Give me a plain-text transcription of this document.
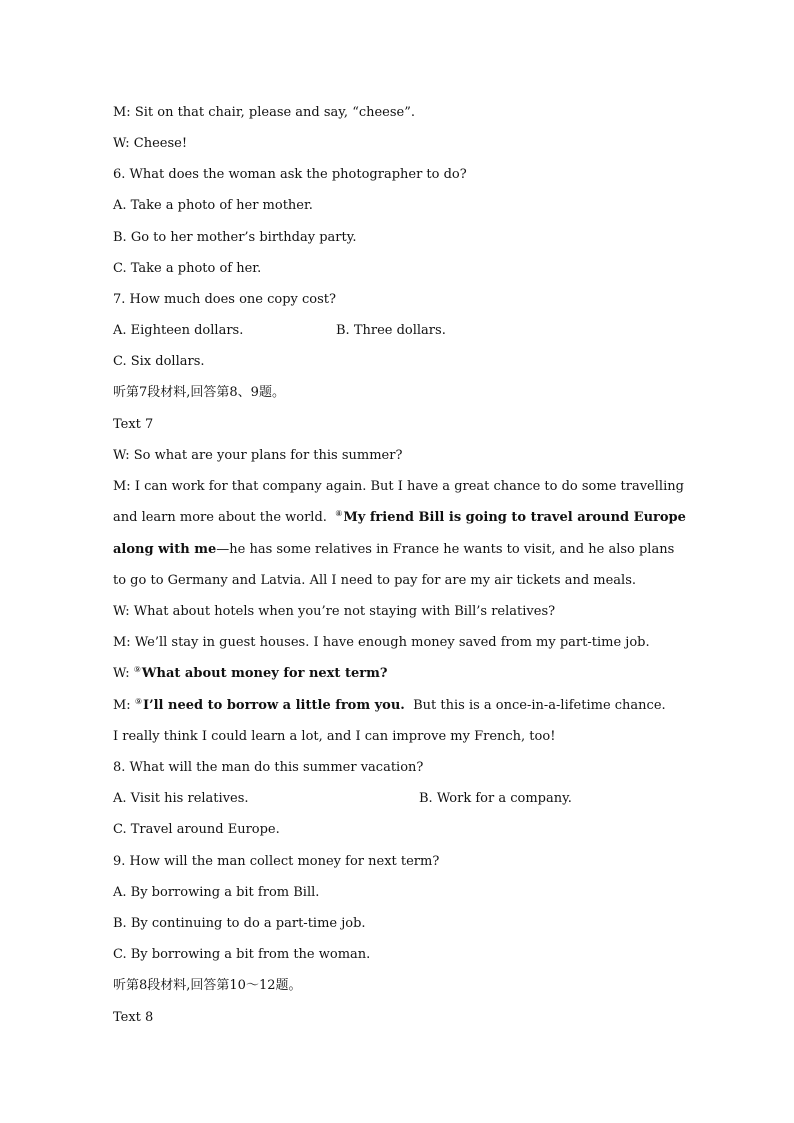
M: Sit on that chair, please and say, “cheese”.
W: Cheese!
6. What does the woman ask the photographer to do?
A. Take a photo of her mother.
B. Go to her mother’s birthday party.
C. Take a photo of her.
7. How much does one copy cost?
A. Eighteen dollars.	B. Three dollars.
C. Six dollars.
听第7段材料,回答第8、9题。
Text 7
W: So what are your plans for this summer?
M: I can work for that company again. But I have a great chance to do some travelling
and learn more about the world.  ⑧My friend Bill is going to travel around Europe
along with me—he has some relatives in France he wants to visit, and he also plans
to go to Germany and Latvia. All I need to pay for are my air tickets and meals.
W: What about hotels when you’re not staying with Bill’s relatives?
M: We’ll stay in guest houses. I have enough money saved from my part-time job.
W: ⑨What about money for next term?
M: ⑨I’ll need to borrow a little from you.  But this is a once-in-a-lifetime chance.
I really think I could learn a lot, and I can improve my French, too!
8. What will the man do this summer vacation?
A. Visit his relatives.	B. Work for a company.
C. Travel around Europe.
9. How will the man collect money for next term?
A. By borrowing a bit from Bill.
B. By continuing to do a part-time job.
C. By borrowing a bit from the woman.
听第8段材料,回答第10～12题。
Text 8
